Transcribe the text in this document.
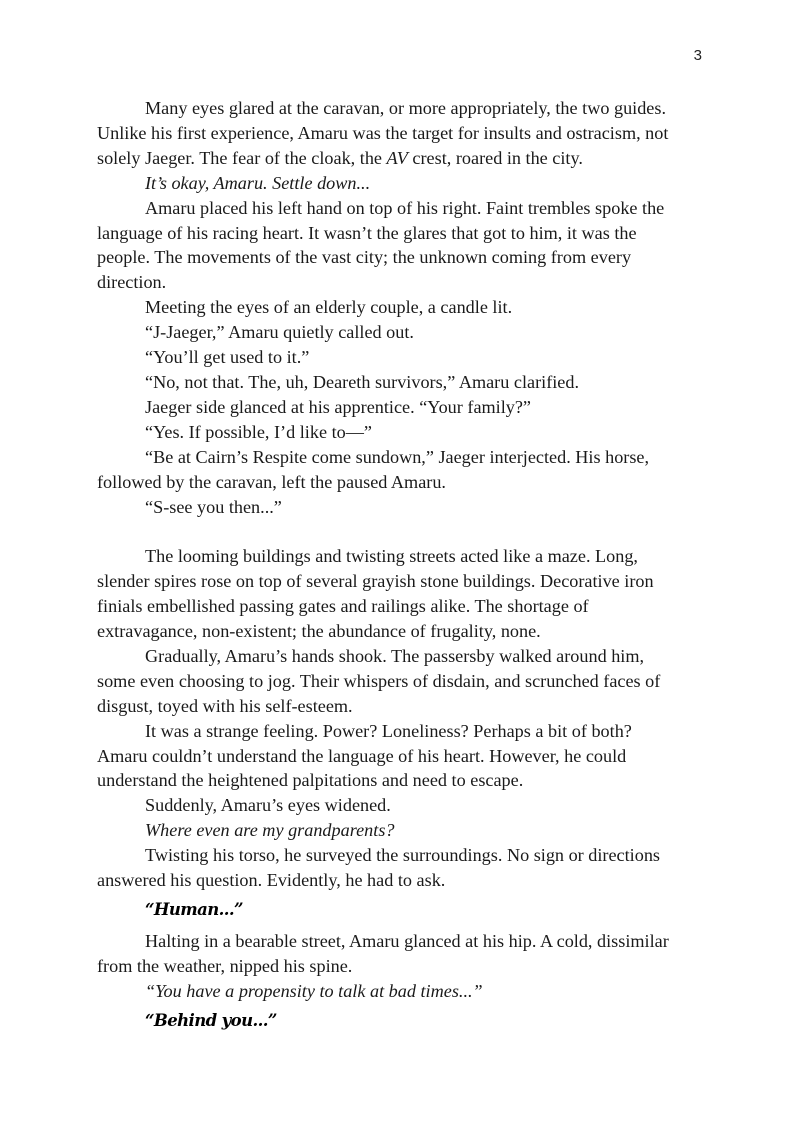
3

Many eyes glared at the caravan, or more appropriately, the two guides.
Unlike his first experience, Amaru was the target for insults and ostracism, not
solely Jaeger. The fear of the cloak, the AV crest, roared in the city.

It’s okay, Amaru. Settle down...

Amaru placed his left hand on top of his right. Faint trembles spoke the
language of his racing heart. It wasn’t the glares that got to him, it was the
people. The movements of the vast city; the unknown coming from every
direction.

Meeting the eyes of an elderly couple, a candle lit.

“J-Jaeger,” Amaru quietly called out.

“You’ll get used to it.”

“No, not that. The, uh, Deareth survivors,” Amaru clarified.

Jaeger side glanced at his apprentice. “Your family?”

“Yes. If possible, I’d like to—”

“Be at Cairn’s Respite come sundown,” Jaeger interjected. His horse,
followed by the caravan, left the paused Amaru.

“S-see you then...”

The looming buildings and twisting streets acted like a maze. Long,
slender spires rose on top of several grayish stone buildings. Decorative iron
finials embellished passing gates and railings alike. The shortage of
extravagance, non-existent; the abundance of frugality, none.

Gradually, Amaru’s hands shook. The passersby walked around him,
some even choosing to jog. Their whispers of disdain, and scrunched faces of
disgust, toyed with his self-esteem.

It was a strange feeling. Power? Loneliness? Perhaps a bit of both?
Amaru couldn’t understand the language of his heart. However, he could
understand the heightened palpitations and need to escape.

Suddenly, Amaru’s eyes widened.

Where even are my grandparents?

Twisting his torso, he surveyed the surroundings. No sign or directions
answered his question. Evidently, he had to ask.

“Human...”

Halting in a bearable street, Amaru glanced at his hip. A cold, dissimilar
from the weather, nipped his spine.

“You have a propensity to talk at bad times...”

“Behind you...”
